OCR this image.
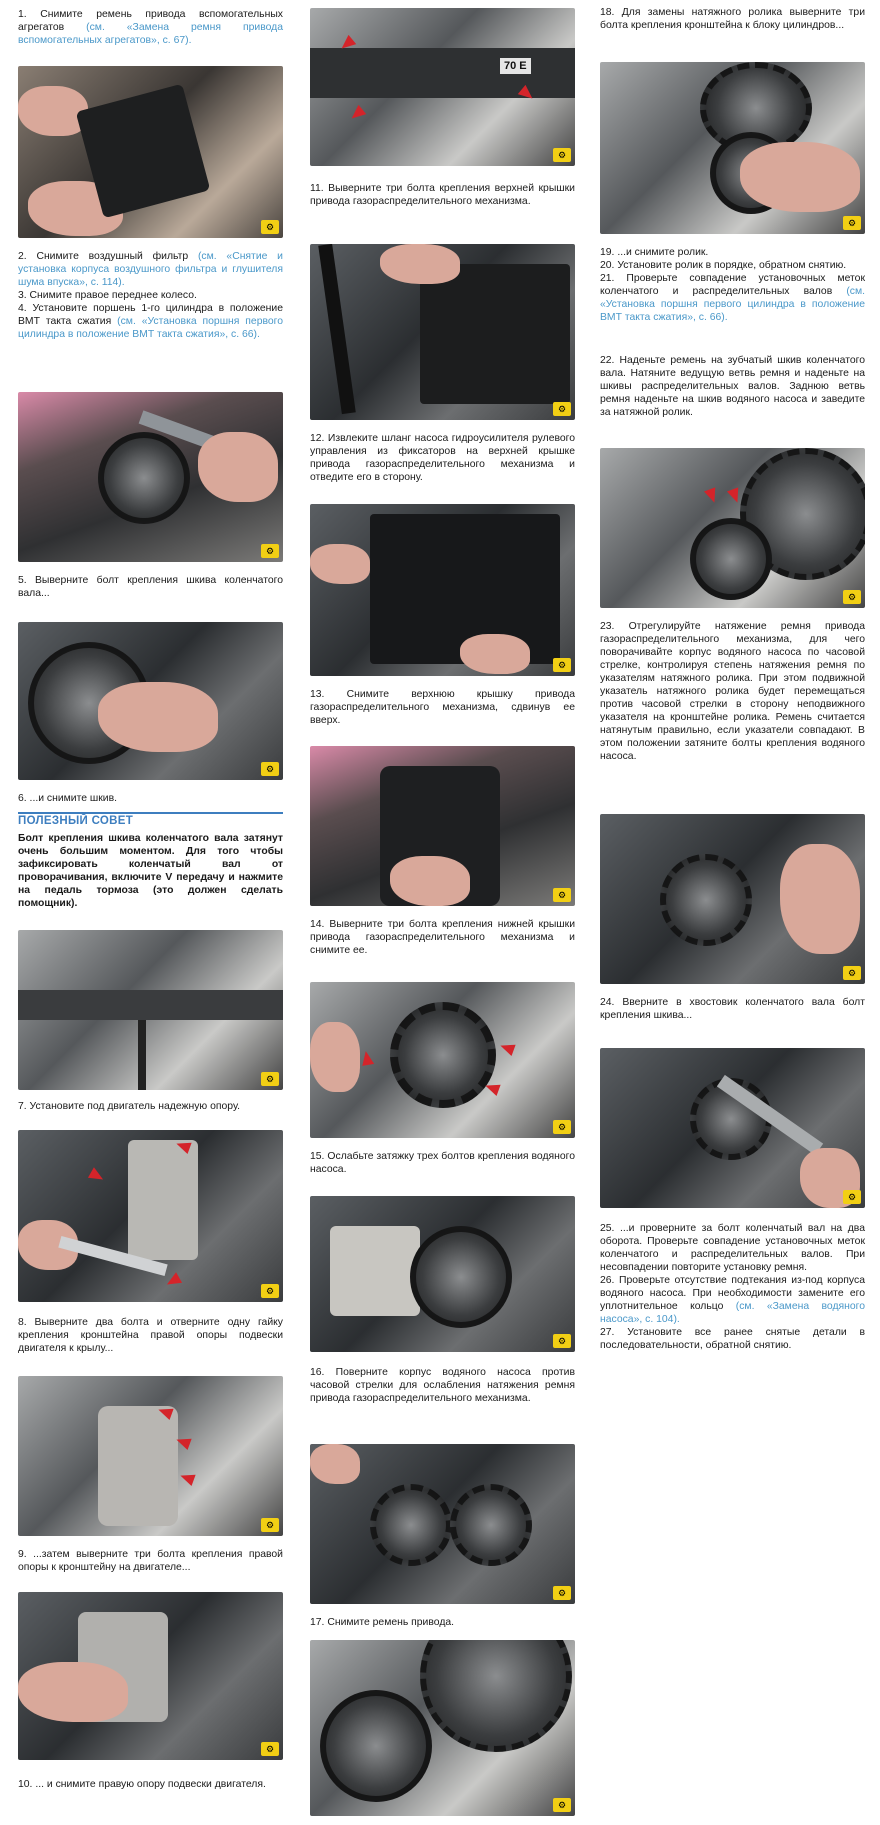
1. Снимите ремень привода вспомогательных агрегатов (см. «Замена ремня привода вспомогательных агрегатов», с. 67).
⚙
2. Снимите воздушный фильтр (см. «Снятие и установка корпуса воздушного фильтра и глушителя шума впуска», с. 114).
3. Снимите правое переднее колесо.
4. Установите поршень 1-го цилиндра в положение ВМТ такта сжатия (см. «Установка поршня первого цилиндра в положение ВМТ такта сжатия», с. 66).
⚙
5. Выверните болт крепления шкива коленчатого вала...
⚙
6. ...и снимите шкив.
ПОЛЕЗНЫЙ СОВЕТ
Болт крепления шкива коленчатого вала затянут очень большим моментом. Для того чтобы зафиксировать коленчатый вал от проворачивания, включите V передачу и нажмите на педаль тормоза (это должен сделать помощник).
⚙
7. Установите под двигатель надежную опору.
⚙
8. Выверните два болта и отверните одну гайку крепления кронштейна правой опоры подвески двигателя к крылу...
⚙
9. ...затем выверните три болта крепления правой опоры к кронштейну на двигателе...
⚙
10. ... и снимите правую опору подвески двигателя.
70 E
⚙
11. Выверните три болта крепления верхней крышки привода газораспределительного механизма.
⚙
12. Извлеките шланг насоса гидроусилителя рулевого управления из фиксаторов на верхней крышке привода газораспределительного механизма и отведите его в сторону.
⚙
13. Снимите верхнюю крышку привода газораспределительного механизма, сдвинув ее вверх.
⚙
14. Выверните три болта крепления нижней крышки привода газораспределительного механизма и снимите ее.
⚙
15. Ослабьте затяжку трех болтов крепления водяного насоса.
⚙
16. Поверните корпус водяного насоса против часовой стрелки для ослабления натяжения ремня привода газораспределительного механизма.
⚙
17. Снимите ремень привода.
⚙
18. Для замены натяжного ролика выверните три болта крепления кронштейна к блоку цилиндров...
⚙
19. ...и снимите ролик.
20. Установите ролик в порядке, обратном снятию.
21. Проверьте совпадение установочных меток коленчатого и распределительных валов (см. «Установка поршня первого цилиндра в положение ВМТ такта сжатия», с. 66).
22. Наденьте ремень на зубчатый шкив коленчатого вала. Натяните ведущую ветвь ремня и наденьте на шкивы распределительных валов. Заднюю ветвь ремня наденьте на шкив водяного насоса и заведите за натяжной ролик.
⚙
23. Отрегулируйте натяжение ремня привода газораспределительного механизма, для чего поворачивайте корпус водяного насоса по часовой стрелке, контролируя степень натяжения ремня по указателям натяжного ролика. При этом подвижной указатель натяжного ролика будет перемещаться против часовой стрелки в сторону неподвижного указателя на кронштейне ролика. Ремень считается натянутым правильно, если указатели совпадают. В этом положении затяните болты крепления водяного насоса.
⚙
24. Вверните в хвостовик коленчатого вала болт крепления шкива...
⚙
25. ...и проверните за болт коленчатый вал на два оборота. Проверьте совпадение установочных меток коленчатого и распределительных валов. При несовпадении повторите установку ремня.
26. Проверьте отсутствие подтекания из-под корпуса водяного насоса. При необходимости замените его уплотнительное кольцо (см. «Замена водяного насоса», с. 104).
27. Установите все ранее снятые детали в последовательности, обратной снятию.
